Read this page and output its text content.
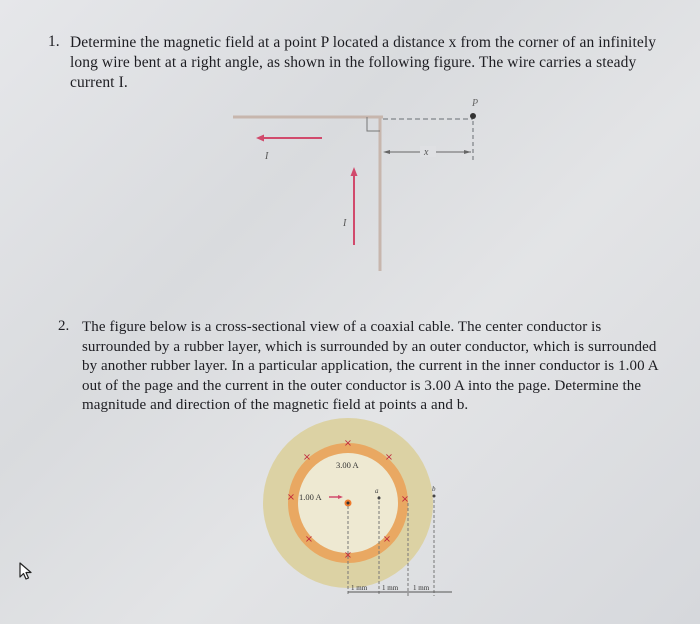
1. Determine the magnetic field at a point P located a distance x from the corner of an infinitely long wire bent at a right angle, as shown in the following figure. The wire carries a steady current I.
P
I
I
x
2. The figure below is a cross-sectional view of a coaxial cable. The center conductor is surrounded by a rubber layer, which is surrounded by an outer conductor, which is surrounded by another rubber layer. In a particular application, the current in the inner conductor is 1.00 A out of the page and the current in the outer conductor is 3.00 A into the page. Determine the magnitude and direction of the magnetic field at points a and b.
×
×	×
×	×
×	×
×
3.00 A
1.00 A
a	b
1 mm 1 mm 1 mm
